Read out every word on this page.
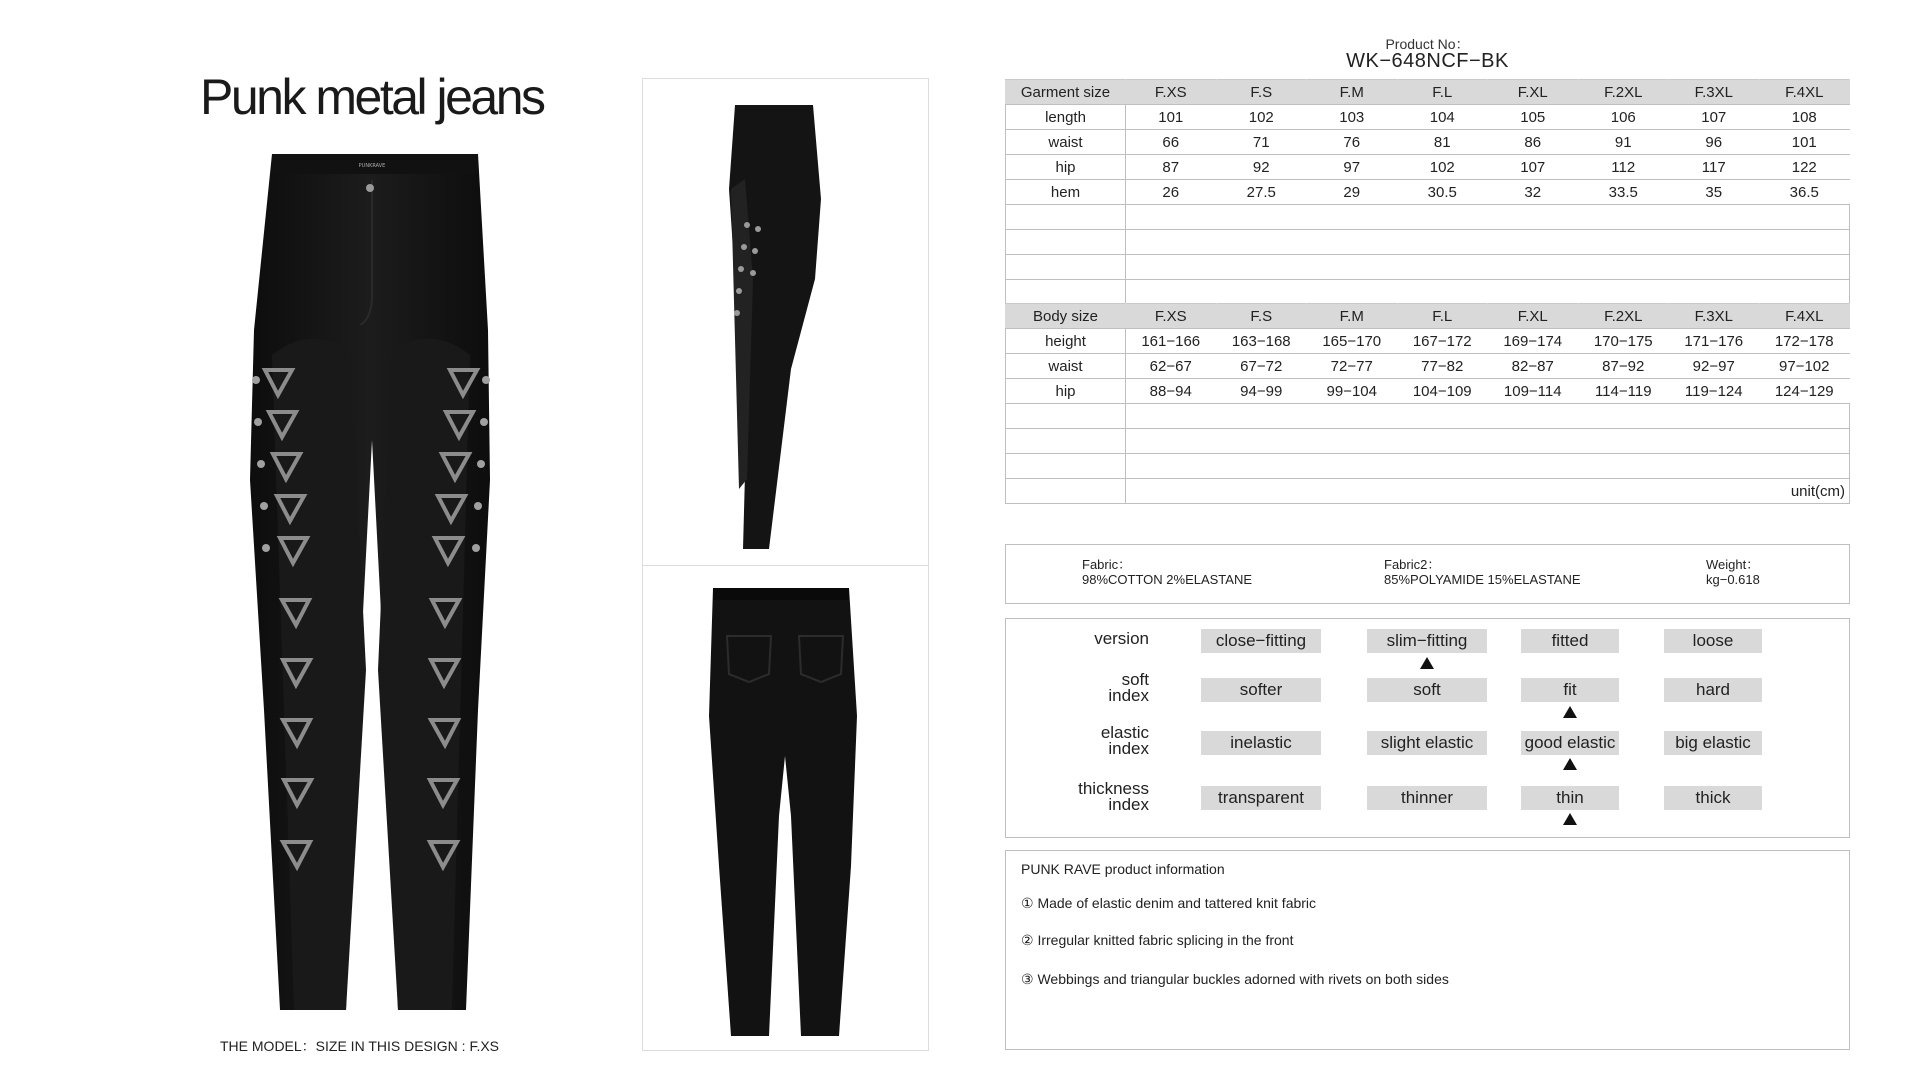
Punk metal jeans
PUNKRAVE
THE MODEL：SIZE IN THIS DESIGN : F.XS
Product No：
WK−648NCF−BK
Garment size	F.XS	F.S	F.M	F.L	F.XL	F.2XL	F.3XL	F.4XL
length	101	102	103	104	105	106	107	108
waist	66	71	76	81	86	91	96	101
hip	87	92	97	102	107	112	117	122
hem	26	27.5	29	30.5	32	33.5	35	36.5

Body size	F.XS	F.S	F.M	F.L	F.XL	F.2XL	F.3XL	F.4XL
height	161−166	163−168	165−170	167−172	169−174	170−175	171−176	172−178
waist	62−67	67−72	72−77	77−82	82−87	87−92	92−97	97−102
hip	88−94	94−99	99−104	104−109	109−114	114−119	119−124	124−129

	unit(cm)							
Fabric：
98%COTTON 2%ELASTANE
Fabric2：
85%POLYAMIDE 15%ELASTANE
Weight：
kg−0.618
version	close−fitting	slim−fitting	fitted	loose
soft
index	softer	soft	fit	hard
elastic
index	inelastic	slight elastic	good elastic	big elastic
thickness
index	transparent	thinner	thin	thick
PUNK RAVE product information
① Made of elastic denim and tattered knit fabric
② Irregular knitted fabric splicing in the front
③ Webbings and triangular buckles adorned with rivets on both sides
